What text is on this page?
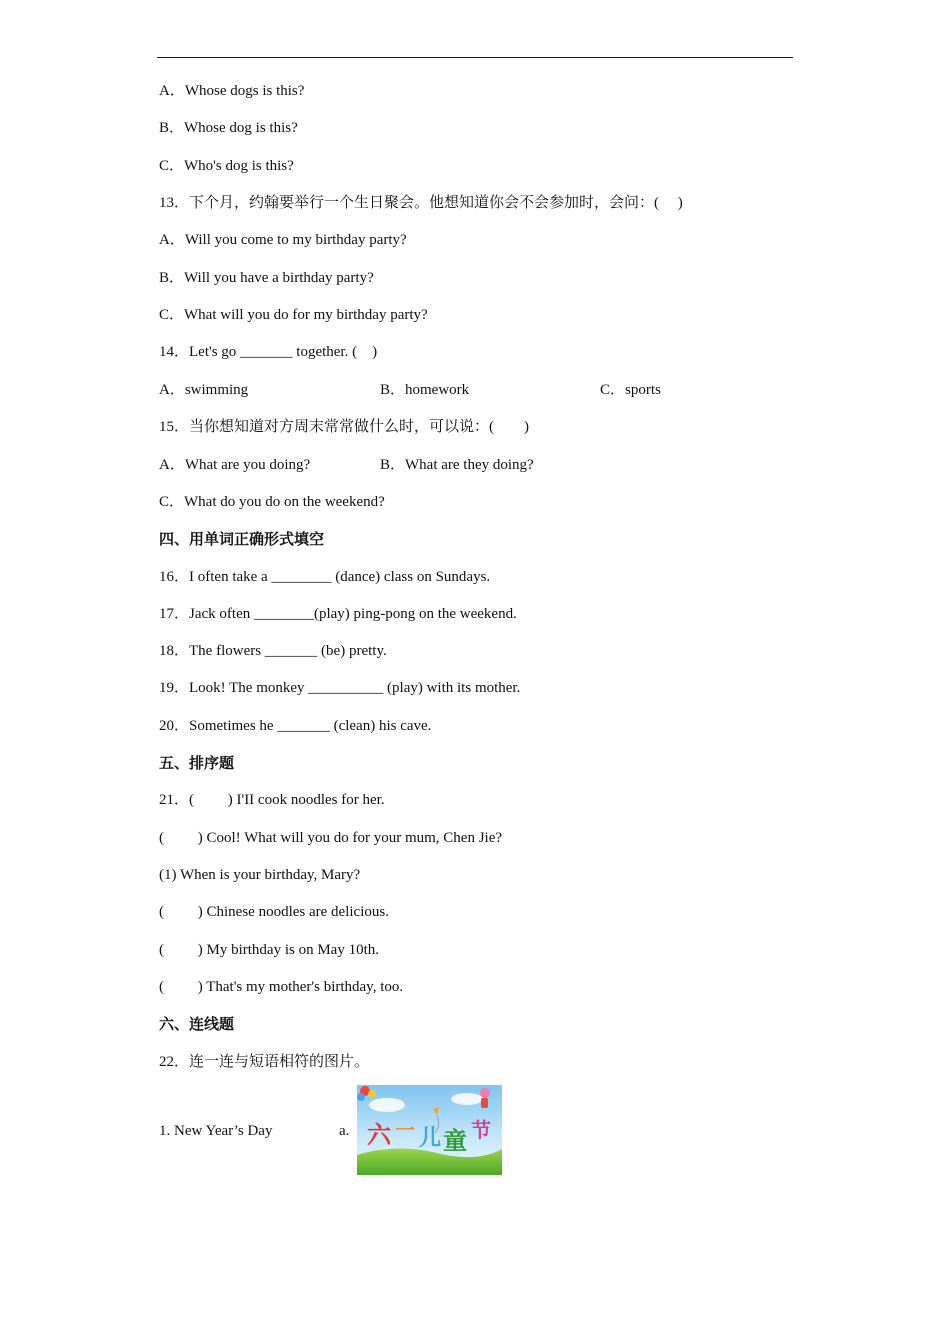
A．Whose dogs is this?
B．Whose dog is this?
C．Who's dog is this?
13．下个月，约翰要举行一个生日聚会。他想知道你会不会参加时，会问：(　 )
A．Will you come to my birthday party?
B．Will you have a birthday party?
C．What will you do for my birthday party?
14．Let's go _______ together. (　)
A．swimming	B．homework	C．sports
15．当你想知道对方周末常常做什么时，可以说：(　　)
A．What are you doing?	B．What are they doing?
C．What do you do on the weekend?
四、用单词正确形式填空
16．I often take a ________ (dance) class on Sundays.
17．Jack often ________(play) ping-pong on the weekend.
18．The flowers _______ (be) pretty.
19．Look! The monkey __________ (play) with its mother.
20．Sometimes he _______ (clean) his cave.
五、排序题
21．(　　 ) I'II cook noodles for her.
(　　 ) Cool! What will you do for your mum, Chen Jie?
(1) When is your birthday, Mary?
(　　 ) Chinese noodles are delicious.
(　　 ) My birthday is on May 10th.
(　　 ) That's my mother's birthday, too.
六、连线题
22．连一连与短语相符的图片。
1. New Year’s Day	a. 六 一 儿 童 节
